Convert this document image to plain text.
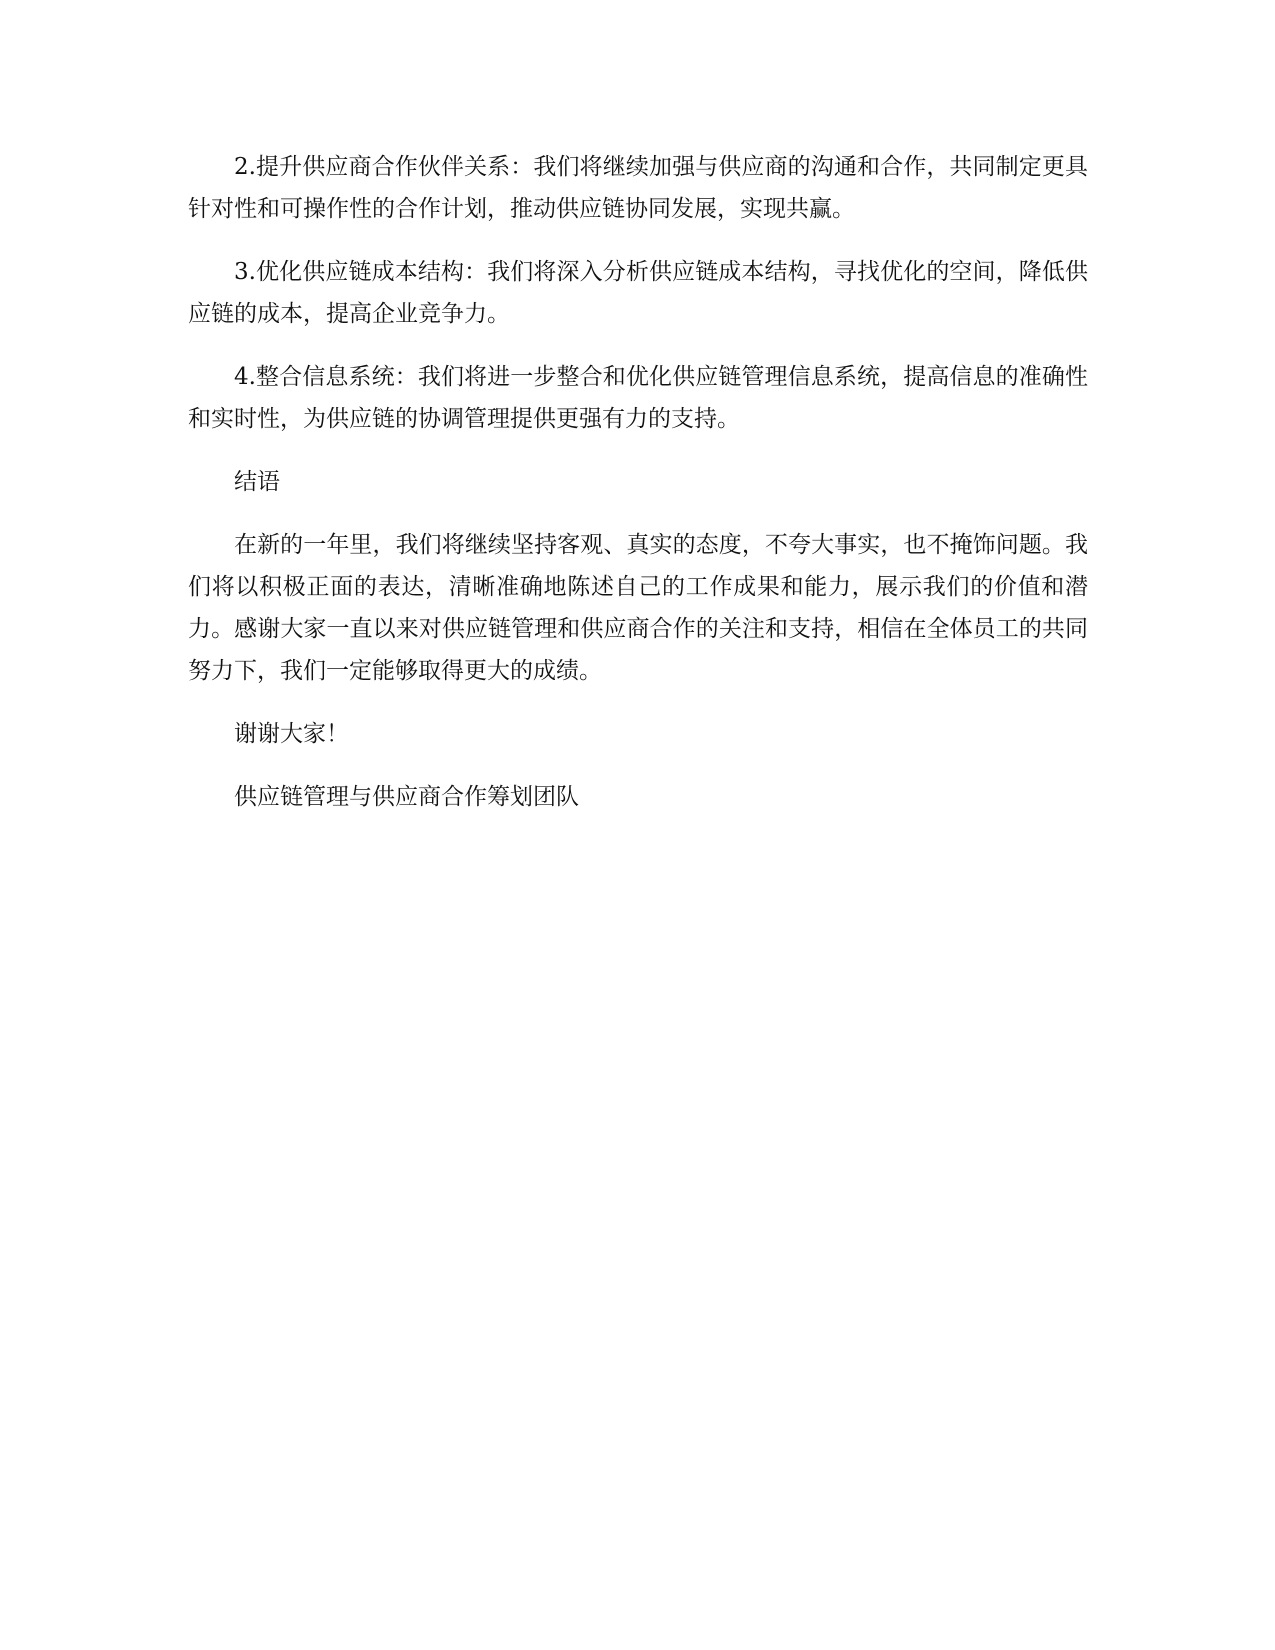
2.提升供应商合作伙伴关系：我们将继续加强与供应商的沟通和合作，共同制定更具针对性和可操作性的合作计划，推动供应链协同发展，实现共赢。

3.优化供应链成本结构：我们将深入分析供应链成本结构，寻找优化的空间，降低供应链的成本，提高企业竞争力。

4.整合信息系统：我们将进一步整合和优化供应链管理信息系统，提高信息的准确性和实时性，为供应链的协调管理提供更强有力的支持。

结语

在新的一年里，我们将继续坚持客观、真实的态度，不夸大事实，也不掩饰问题。我们将以积极正面的表达，清晰准确地陈述自己的工作成果和能力，展示我们的价值和潜力。感谢大家一直以来对供应链管理和供应商合作的关注和支持，相信在全体员工的共同努力下，我们一定能够取得更大的成绩。

谢谢大家！

供应链管理与供应商合作筹划团队
